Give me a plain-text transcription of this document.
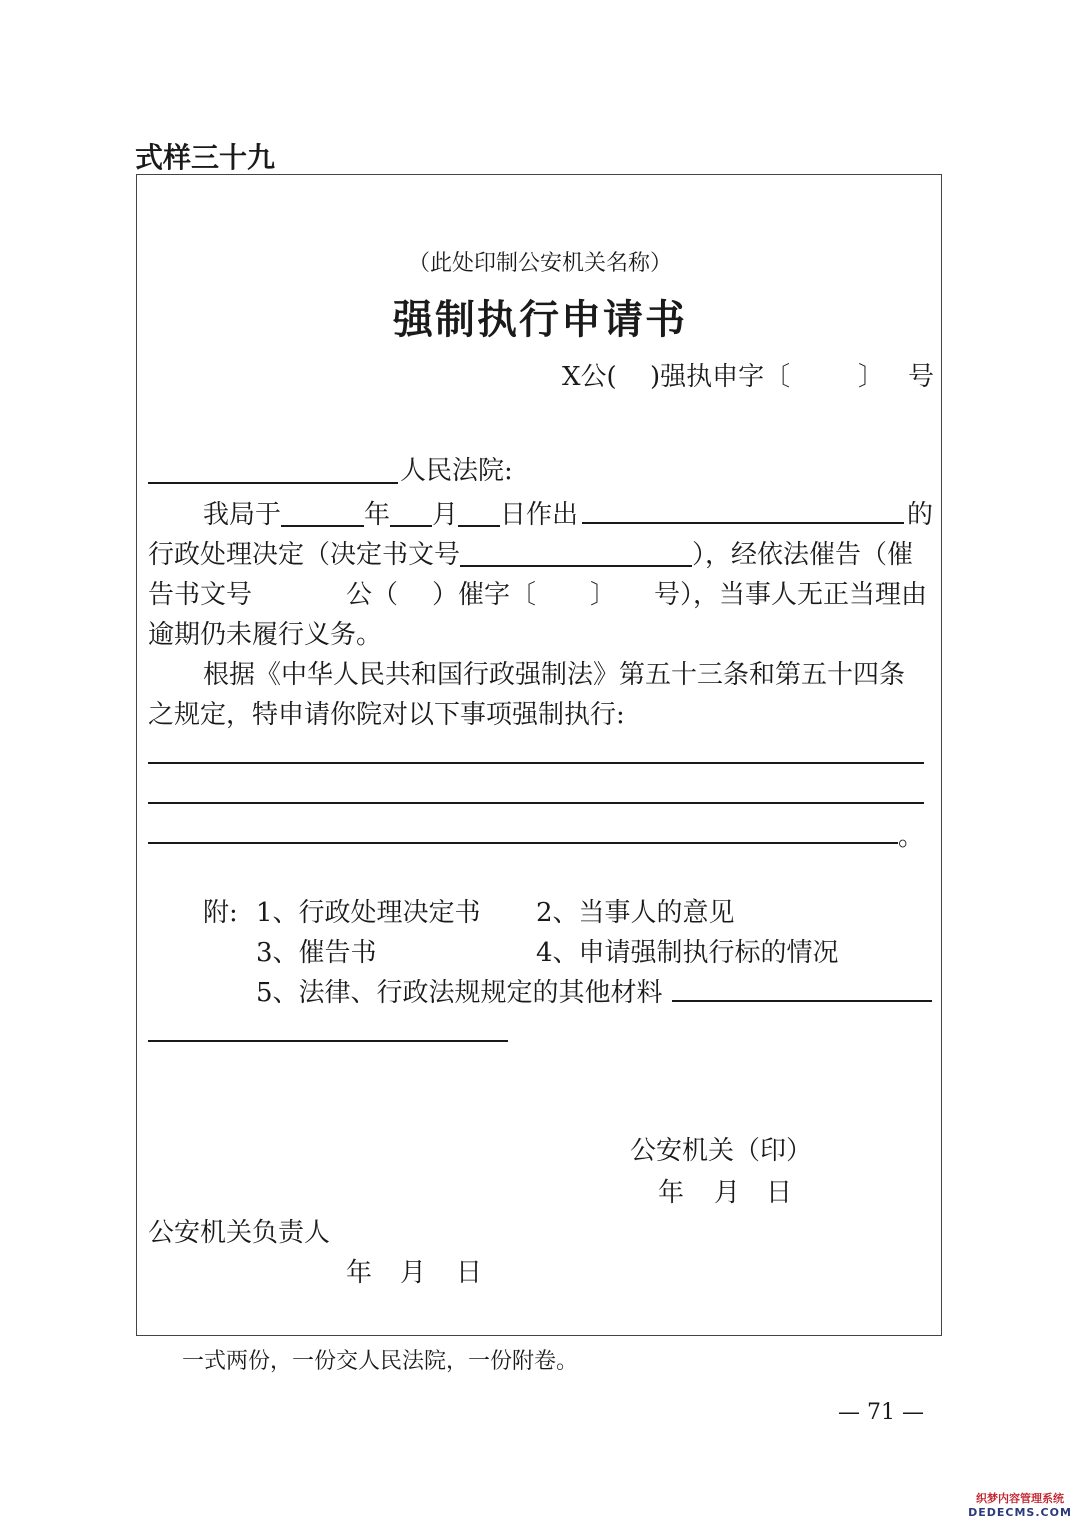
式样三十九
（此处印制公安机关名称）
强制执行申请书
X公( )强执申字〔	〕 号
人民法院:
我局于	年 月 日作出	的
行政处理决定（决定书文号	），经依法催告（催
告书文号	公（ ）催字〔 〕 号），当事人无正当理由
逾期仍未履行义务。
根据《中华人民共和国行政强制法》第五十三条和第五十四条
之规定，特申请你院对以下事项强制执行:
。
附: 1、行政处理决定书 2、当事人的意见
3、催告书	4、申请强制执行标的情况
5、法律、行政法规规定的其他材料
公安机关（印）
年 月 日
公安机关负责人
年 月 日
一式两份，一份交人民法院，一份附卷。
— 71 —
织梦内容管理系统
DEDECMS.COM
